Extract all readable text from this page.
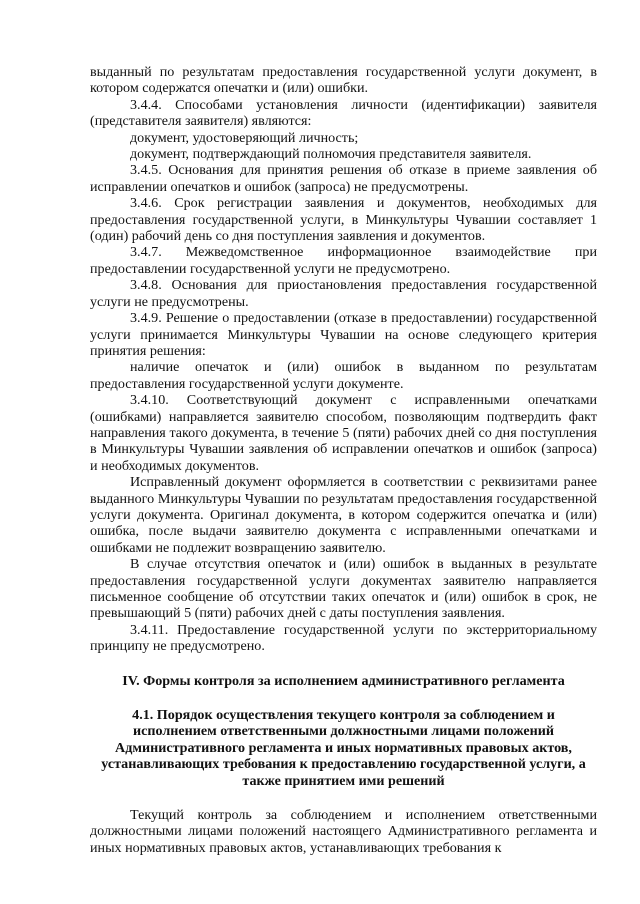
выданный по результатам предоставления государственной услуги документ, в котором содержатся опечатки и (или) ошибки.

3.4.4. Способами установления личности (идентификации) заявителя (представителя заявителя) являются:

документ, удостоверяющий личность;

документ, подтверждающий полномочия представителя заявителя.

3.4.5. Основания для принятия решения об отказе в приеме заявления об исправлении опечатков и ошибок (запроса) не предусмотрены.

3.4.6. Срок регистрации заявления и документов, необходимых для предоставления государственной услуги, в Минкультуры Чувашии составляет 1 (один) рабочий день со дня поступления заявления и документов.

3.4.7. Межведомственное информационное взаимодействие при предоставлении государственной услуги не предусмотрено.

3.4.8. Основания для приостановления предоставления государственной услуги не предусмотрены.

3.4.9. Решение о предоставлении (отказе в предоставлении) государственной услуги принимается Минкультуры Чувашии на основе следующего критерия принятия решения:

наличие опечаток и (или) ошибок в выданном по результатам предоставления государственной услуги документе.

3.4.10. Соответствующий документ с исправленными опечатками (ошибками) направляется заявителю способом, позволяющим подтвердить факт направления такого документа, в течение 5 (пяти) рабочих дней со дня поступления в Минкультуры Чувашии заявления об исправлении опечатков и ошибок (запроса) и необходимых документов.

Исправленный документ оформляется в соответствии с реквизитами ранее выданного Минкультуры Чувашии по результатам предоставления государственной услуги документа. Оригинал документа, в котором содержится опечатка и (или) ошибка, после выдачи заявителю документа с исправленными опечатками и ошибками не подлежит возвращению заявителю.

В случае отсутствия опечаток и (или) ошибок в выданных в результате предоставления государственной услуги документах заявителю направляется письменное сообщение об отсутствии таких опечаток и (или) ошибок в срок, не превышающий 5 (пяти) рабочих дней с даты поступления заявления.

3.4.11. Предоставление государственной услуги по экстерриториальному принципу не предусмотрено.

IV. Формы контроля за исполнением административного регламента

4.1. Порядок осуществления текущего контроля за соблюдением и исполнением ответственными должностными лицами положений Административного регламента и иных нормативных правовых актов, устанавливающих требования к предоставлению государственной услуги, а также принятием ими решений

Текущий контроль за соблюдением и исполнением ответственными должностными лицами положений настоящего Административного регламента и иных нормативных правовых актов, устанавливающих требования к
